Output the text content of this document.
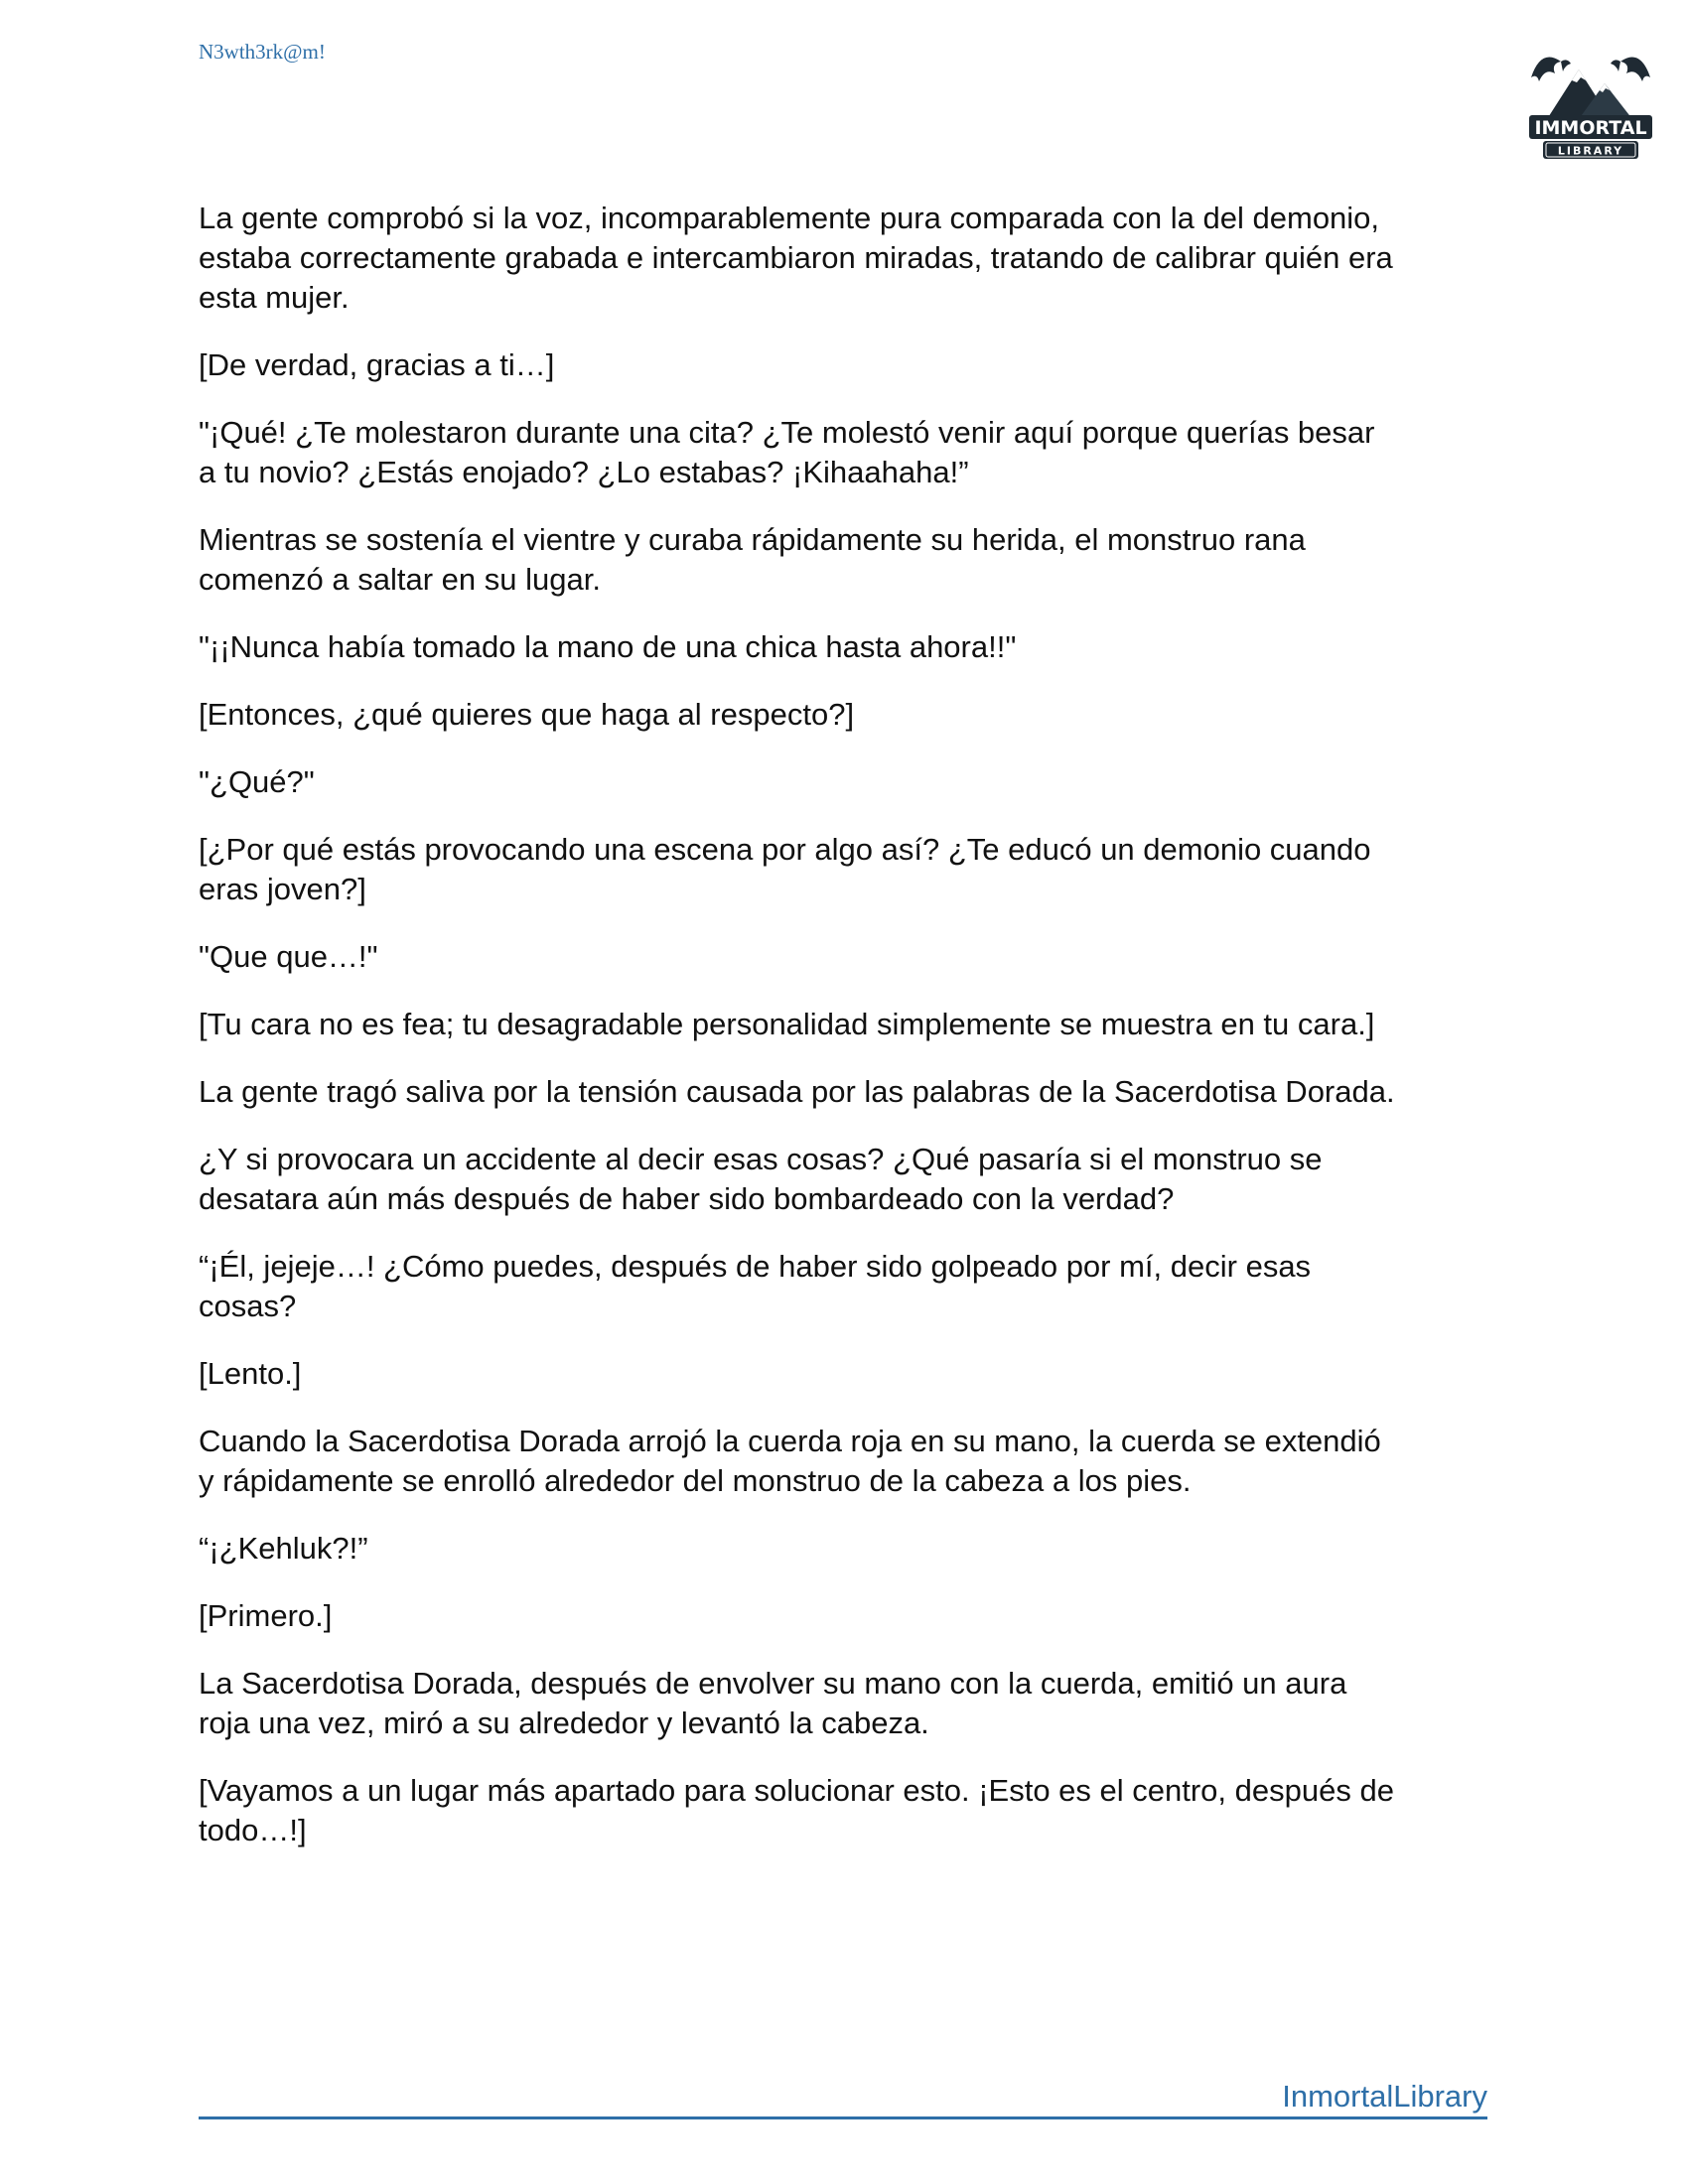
N3wth3rk@m!
IMMORTAL
LIBRARY

La gente comprobó si la voz, incomparablemente pura comparada con la del demonio,
estaba correctamente grabada e intercambiaron miradas, tratando de calibrar quién era
esta mujer.

[De verdad, gracias a ti…]

"¡Qué! ¿Te molestaron durante una cita? ¿Te molestó venir aquí porque querías besar
a tu novio? ¿Estás enojado? ¿Lo estabas? ¡Kihaahaha!”

Mientras se sostenía el vientre y curaba rápidamente su herida, el monstruo rana
comenzó a saltar en su lugar.

"¡¡Nunca había tomado la mano de una chica hasta ahora!!"

[Entonces, ¿qué quieres que haga al respecto?]

"¿Qué?"

[¿Por qué estás provocando una escena por algo así? ¿Te educó un demonio cuando
eras joven?]

"Que que…!"

[Tu cara no es fea; tu desagradable personalidad simplemente se muestra en tu cara.]

La gente tragó saliva por la tensión causada por las palabras de la Sacerdotisa Dorada.

¿Y si provocara un accidente al decir esas cosas? ¿Qué pasaría si el monstruo se
desatara aún más después de haber sido bombardeado con la verdad?

“¡Él, jejeje…! ¿Cómo puedes, después de haber sido golpeado por mí, decir esas
cosas?

[Lento.]

Cuando la Sacerdotisa Dorada arrojó la cuerda roja en su mano, la cuerda se extendió
y rápidamente se enrolló alrededor del monstruo de la cabeza a los pies.

“¡¿Kehluk?!”

[Primero.]

La Sacerdotisa Dorada, después de envolver su mano con la cuerda, emitió un aura
roja una vez, miró a su alrededor y levantó la cabeza.

[Vayamos a un lugar más apartado para solucionar esto. ¡Esto es el centro, después de
todo…!]

InmortalLibrary
